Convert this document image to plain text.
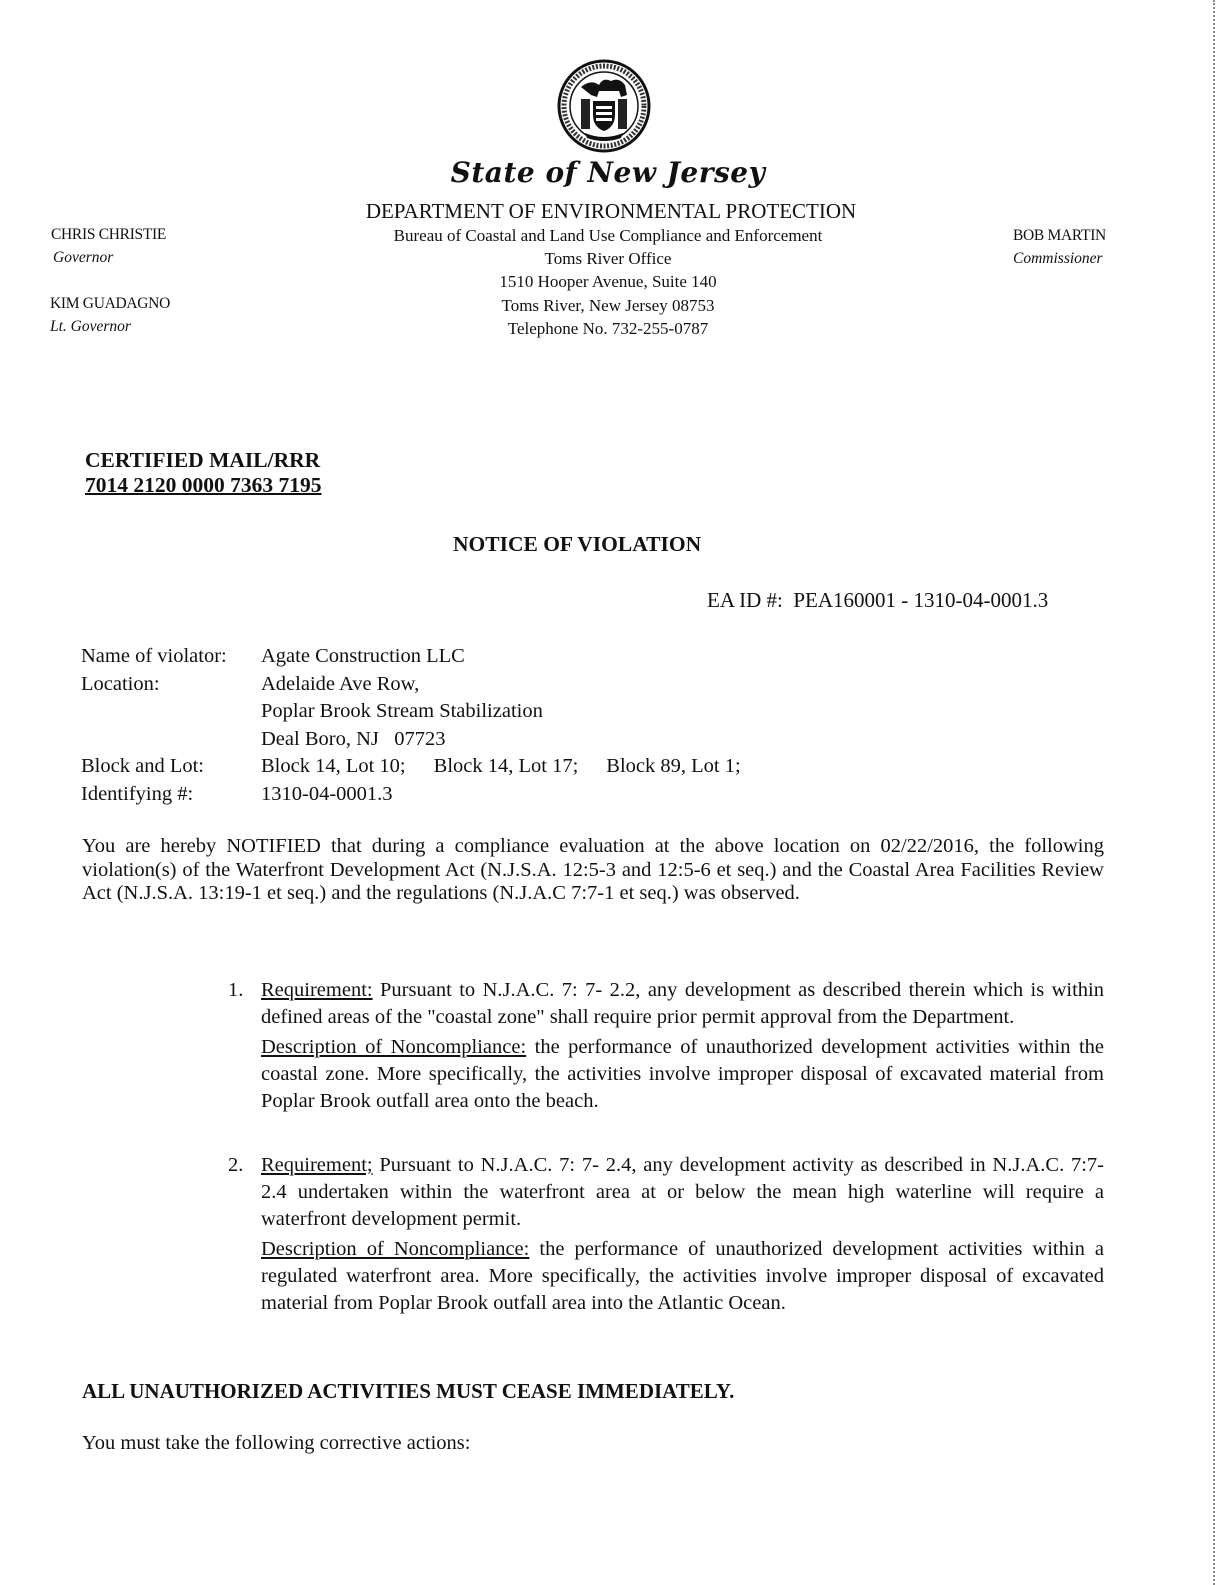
State of New Jersey
DEPARTMENT OF ENVIRONMENTAL PROTECTION
Bureau of Coastal and Land Use Compliance and Enforcement
Toms River Office
1510 Hooper Avenue, Suite 140
Toms River, New Jersey 08753
Telephone No. 732-255-0787
CHRIS CHRISTIE
Governor
KIM GUADAGNO
Lt. Governor
BOB MARTIN
Commissioner
CERTIFIED MAIL/RRR
7014 2120 0000 7363 7195
NOTICE OF VIOLATION
EA ID #: PEA160001 - 1310-04-0001.3
Name of violator:	Agate Construction LLC
Location:	Adelaide Ave Row,
	Poplar Brook Stream Stabilization
	Deal Boro, NJ   07723
Block and Lot:	Block 14, Lot 10; Block 14, Lot 17; Block 89, Lot 1;
Identifying #:	1310-04-0001.3

You are hereby NOTIFIED that during a compliance evaluation at the above location on 02/22/2016, the following violation(s) of the Waterfront Development Act (N.J.S.A. 12:5-3 and 12:5-6 et seq.) and the Coastal Area Facilities Review Act (N.J.S.A. 13:19-1 et seq.) and the regulations (N.J.A.C 7:7-1 et seq.) was observed.

1. Requirement: Pursuant to N.J.A.C. 7: 7- 2.2, any development as described therein which is within defined areas of the "coastal zone" shall require prior permit approval from the Department.

Description of Noncompliance: the performance of unauthorized development activities within the coastal zone. More specifically, the activities involve improper disposal of excavated material from Poplar Brook outfall area onto the beach.

2. Requirement; Pursuant to N.J.A.C. 7: 7- 2.4, any development activity as described in N.J.A.C. 7:7-2.4 undertaken within the waterfront area at or below the mean high waterline will require a waterfront development permit.

Description of Noncompliance: the performance of unauthorized development activities within a regulated waterfront area. More specifically, the activities involve improper disposal of excavated material from Poplar Brook outfall area into the Atlantic Ocean.

ALL UNAUTHORIZED ACTIVITIES MUST CEASE IMMEDIATELY.
You must take the following corrective actions:
